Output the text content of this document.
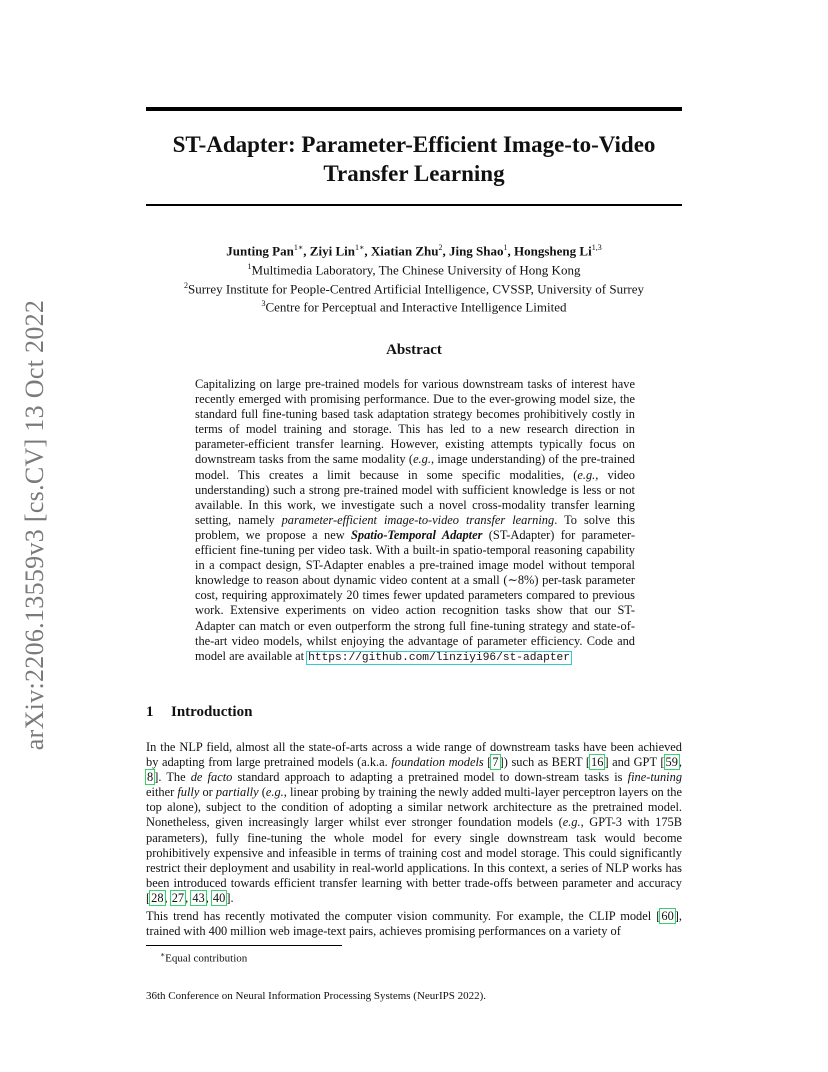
arXiv:2206.13559v3 [cs.CV] 13 Oct 2022
ST-Adapter: Parameter-Efficient Image-to-Video
Transfer Learning
Junting Pan$^{1∗}$, Ziyi Lin$^{1∗}$, Xiatian Zhu$^2$, Jing Shao$^1$, Hongsheng Li$^{1,3}$
$^1$Multimedia Laboratory, The Chinese University of Hong Kong
$^2$Surrey Institute for People-Centred Artificial Intelligence, CVSSP, University of Surrey
$^3$Centre for Perceptual and Interactive Intelligence Limited
Abstract

Capitalizing on large pre-trained models for various downstream tasks of interest have recently emerged with promising performance. Due to the ever-growing model size, the standard full fine-tuning based task adaptation strategy becomes prohibitively costly in terms of model training and storage. This has led to a new research direction in parameter-efficient transfer learning. However, existing attempts typically focus on downstream tasks from the same modality (e.g., image understanding) of the pre-trained model. This creates a limit because in some specific modalities, (e.g., video understanding) such a strong pre-trained model with sufficient knowledge is less or not available. In this work, we investigate such a novel cross-modality transfer learning setting, namely parameter-efficient image-to-video transfer learning. To solve this problem, we propose a new Spatio-Temporal Adapter (ST-Adapter) for parameter-efficient fine-tuning per video task. With a built-in spatio-temporal reasoning capability in a compact design, ST-Adapter enables a pre-trained image model without temporal knowledge to reason about dynamic video content at a small (∼8%) per-task parameter cost, requiring approximately 20 times fewer updated parameters compared to previous work. Extensive experiments on video action recognition tasks show that our ST-Adapter can match or even outperform the strong full fine-tuning strategy and state-of-the-art video models, whilst enjoying the advantage of parameter efficiency. Code and model are available at https://github.com/linziyi96/st-adapter

1 Introduction

In the NLP field, almost all the state-of-arts across a wide range of downstream tasks have been achieved by adapting from large pretrained models (a.k.a. foundation models [7]) such as BERT [16] and GPT [59, 8]. The de facto standard approach to adapting a pretrained model to down-stream tasks is fine-tuning either fully or partially (e.g., linear probing by training the newly added multi-layer perceptron layers on the top alone), subject to the condition of adopting a similar network architecture as the pretrained model. Nonetheless, given increasingly larger whilst ever stronger foundation models (e.g., GPT-3 with 175B parameters), fully fine-tuning the whole model for every single downstream task would become prohibitively expensive and infeasible in terms of training cost and model storage. This could significantly restrict their deployment and usability in real-world applications. In this context, a series of NLP works has been introduced towards efficient transfer learning with better trade-offs between parameter and accuracy [28, 27, 43, 40].

This trend has recently motivated the computer vision community. For example, the CLIP model [60], trained with 400 million web image-text pairs, achieves promising performances on a variety of

∗Equal contribution

36th Conference on Neural Information Processing Systems (NeurIPS 2022).
